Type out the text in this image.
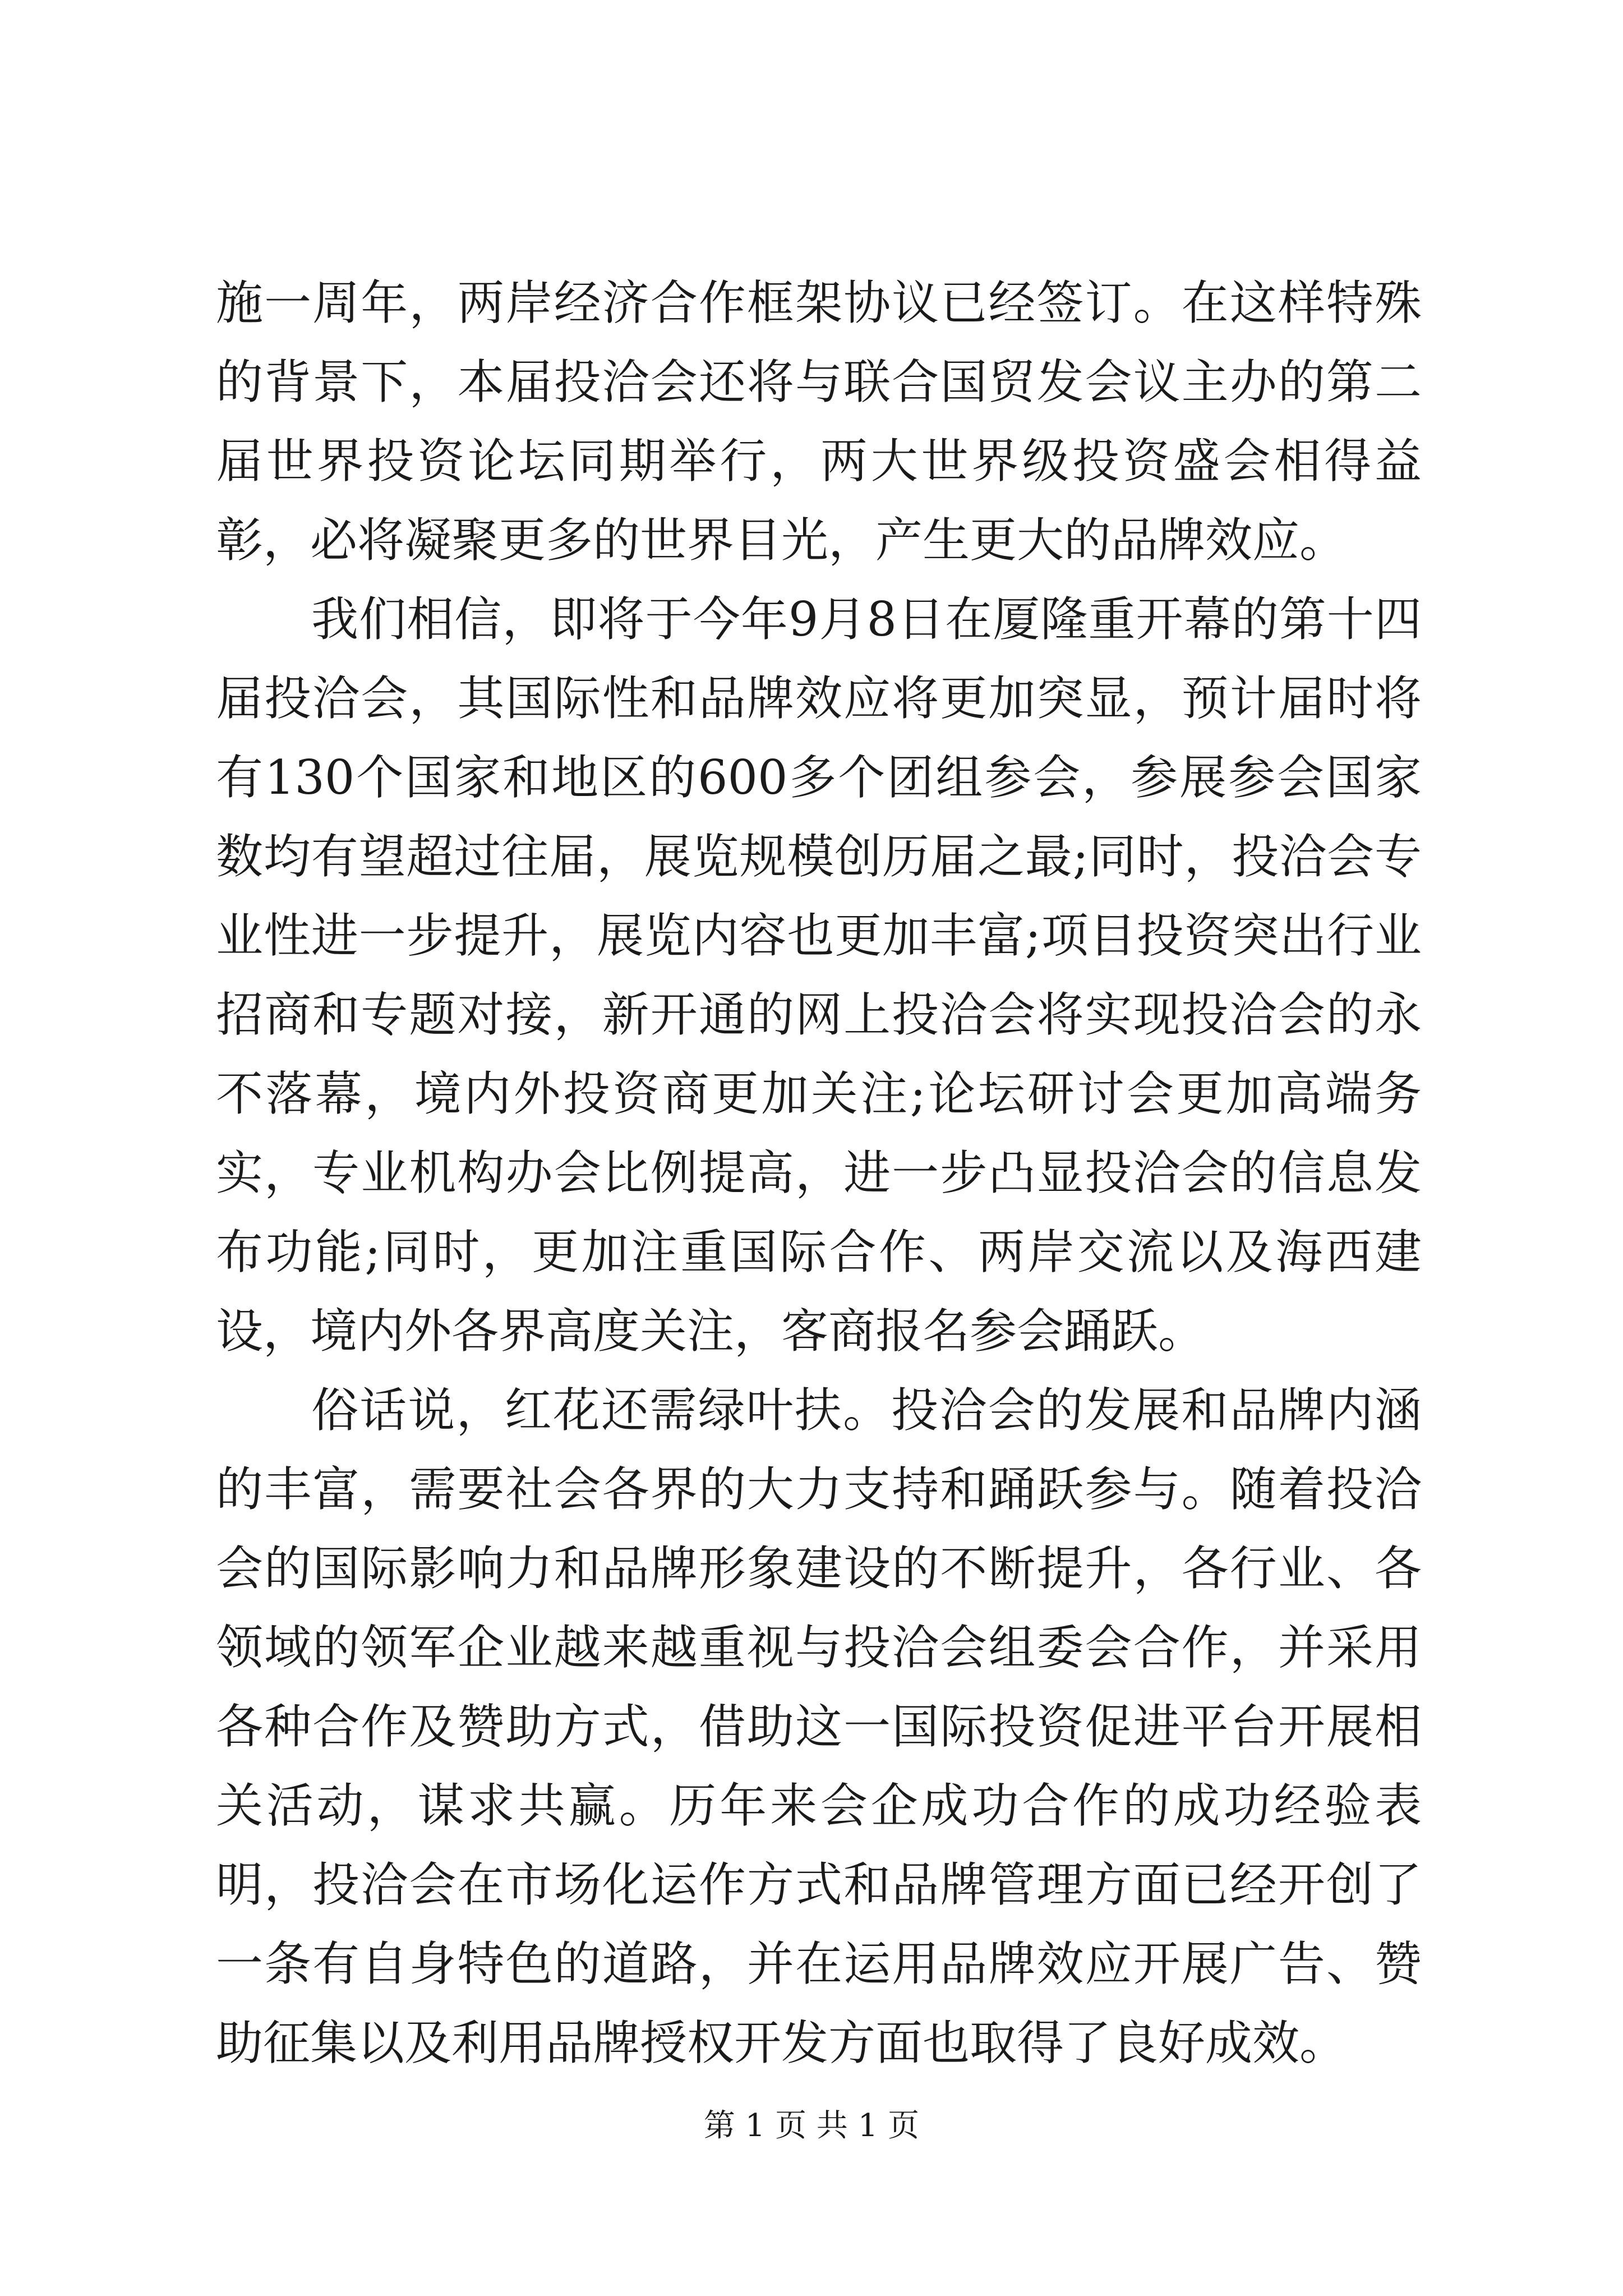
施一周年，两岸经济合作框架协议已经签订。在这样特殊的背景下，本届投洽会还将与联合国贸发会议主办的第二届世界投资论坛同期举行，两大世界级投资盛会相得益彰，必将凝聚更多的世界目光，产生更大的品牌效应。

我们相信，即将于今年9月8日在厦隆重开幕的第十四届投洽会，其国际性和品牌效应将更加突显，预计届时将有130个国家和地区的600多个团组参会，参展参会国家数均有望超过往届，展览规模创历届之最;同时，投洽会专业性进一步提升，展览内容也更加丰富;项目投资突出行业招商和专题对接，新开通的网上投洽会将实现投洽会的永不落幕，境内外投资商更加关注;论坛研讨会更加高端务实，专业机构办会比例提高，进一步凸显投洽会的信息发布功能;同时，更加注重国际合作、两岸交流以及海西建设，境内外各界高度关注，客商报名参会踊跃。

俗话说，红花还需绿叶扶。投洽会的发展和品牌内涵的丰富，需要社会各界的大力支持和踊跃参与。随着投洽会的国际影响力和品牌形象建设的不断提升，各行业、各领域的领军企业越来越重视与投洽会组委会合作，并采用各种合作及赞助方式，借助这一国际投资促进平台开展相关活动，谋求共赢。历年来会企成功合作的成功经验表明，投洽会在市场化运作方式和品牌管理方面已经开创了一条有自身特色的道路，并在运用品牌效应开展广告、赞助征集以及利用品牌授权开发方面也取得了良好成效。

第 1 页 共 1 页
